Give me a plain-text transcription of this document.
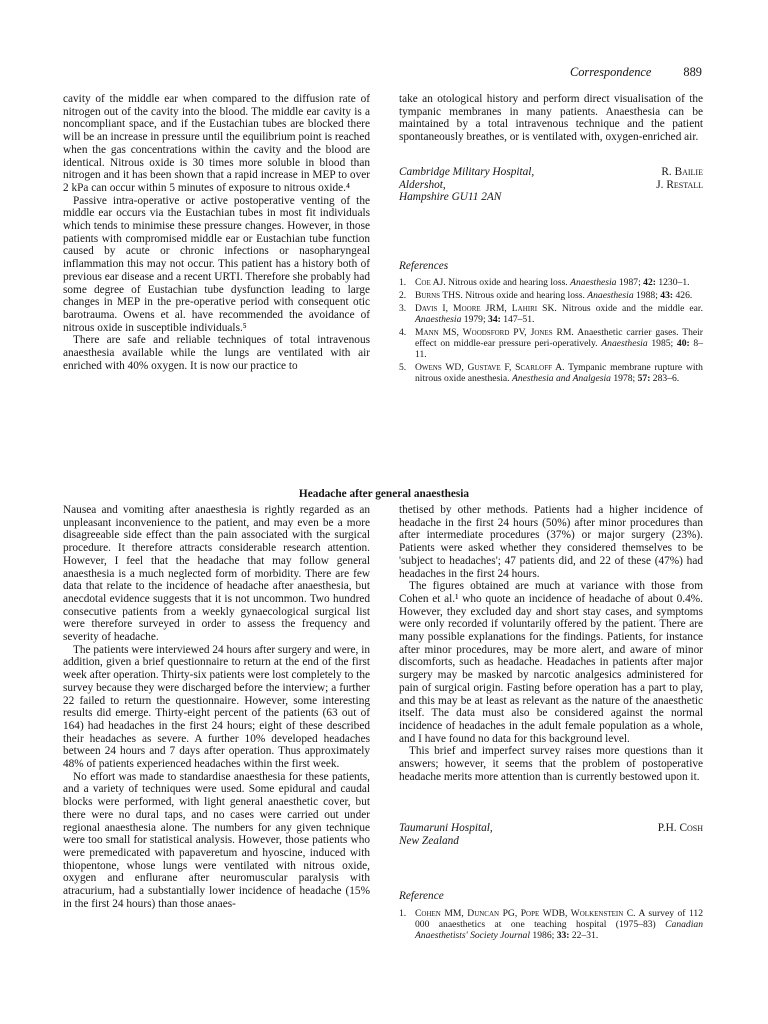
Correspondence	889

cavity of the middle ear when compared to the diffusion rate of nitrogen out of the cavity into the blood. The middle ear cavity is a noncompliant space, and if the Eustachian tubes are blocked there will be an increase in pressure until the equilibrium point is reached when the gas concentrations within the cavity and the blood are identical. Nitrous oxide is 30 times more soluble in blood than nitrogen and it has been shown that a rapid increase in MEP to over 2 kPa can occur within 5 minutes of exposure to nitrous oxide.⁴

Passive intra-operative or active postoperative venting of the middle ear occurs via the Eustachian tubes in most fit individuals which tends to minimise these pressure changes. However, in those patients with compromised middle ear or Eustachian tube function caused by acute or chronic infections or nasopharyngeal inflammation this may not occur. This patient has a history both of previous ear disease and a recent URTI. Therefore she probably had some degree of Eustachian tube dysfunction leading to large changes in MEP in the pre-operative period with consequent otic barotrauma. Owens et al. have recommended the avoidance of nitrous oxide in susceptible individuals.⁵

There are safe and reliable techniques of total intravenous anaesthesia available while the lungs are ventilated with air enriched with 40% oxygen. It is now our practice to

take an otological history and perform direct visualisation of the tympanic membranes in many patients. Anaesthesia can be maintained by a total intravenous technique and the patient spontaneously breathes, or is ventilated with, oxygen-enriched air.

Cambridge Military Hospital,
Aldershot,
Hampshire GU11 2AN
R. Bailie
J. Restall
References
1. Coe AJ. Nitrous oxide and hearing loss. Anaesthesia 1987; 42: 1230–1.
2. Burns THS. Nitrous oxide and hearing loss. Anaesthesia 1988; 43: 426.
3. Davis I, Moore JRM, Lahiri SK. Nitrous oxide and the middle ear. Anaesthesia 1979; 34: 147–51.
4. Mann MS, Woodsford PV, Jones RM. Anaesthetic carrier gases. Their effect on middle-ear pressure peri-operatively. Anaesthesia 1985; 40: 8–11.
5. Owens WD, Gustave F, Scarloff A. Tympanic membrane rupture with nitrous oxide anesthesia. Anesthesia and Analgesia 1978; 57: 283–6.
Headache after general anaesthesia

Nausea and vomiting after anaesthesia is rightly regarded as an unpleasant inconvenience to the patient, and may even be a more disagreeable side effect than the pain associated with the surgical procedure. It therefore attracts considerable research attention. However, I feel that the headache that may follow general anaesthesia is a much neglected form of morbidity. There are few data that relate to the incidence of headache after anaesthesia, but anecdotal evidence suggests that it is not uncommon. Two hundred consecutive patients from a weekly gynaecological surgical list were therefore surveyed in order to assess the frequency and severity of headache.

The patients were interviewed 24 hours after surgery and were, in addition, given a brief questionnaire to return at the end of the first week after operation. Thirty-six patients were lost completely to the survey because they were discharged before the interview; a further 22 failed to return the questionnaire. However, some interesting results did emerge. Thirty-eight percent of the patients (63 out of 164) had headaches in the first 24 hours; eight of these described their headaches as severe. A further 10% developed headaches between 24 hours and 7 days after operation. Thus approximately 48% of patients experienced headaches within the first week.

No effort was made to standardise anaesthesia for these patients, and a variety of techniques were used. Some epidural and caudal blocks were performed, with light general anaesthetic cover, but there were no dural taps, and no cases were carried out under regional anaesthesia alone. The numbers for any given technique were too small for statistical analysis. However, those patients who were premedicated with papaveretum and hyoscine, induced with thiopentone, whose lungs were ventilated with nitrous oxide, oxygen and enflurane after neuromuscular paralysis with atracurium, had a substantially lower incidence of headache (15% in the first 24 hours) than those anaes-

thetised by other methods. Patients had a higher incidence of headache in the first 24 hours (50%) after minor procedures than after intermediate procedures (37%) or major surgery (23%). Patients were asked whether they considered themselves to be 'subject to headaches'; 47 patients did, and 22 of these (47%) had headaches in the first 24 hours.

The figures obtained are much at variance with those from Cohen et al.¹ who quote an incidence of headache of about 0.4%. However, they excluded day and short stay cases, and symptoms were only recorded if voluntarily offered by the patient. There are many possible explanations for the findings. Patients, for instance after minor procedures, may be more alert, and aware of minor discomforts, such as headache. Headaches in patients after major surgery may be masked by narcotic analgesics administered for pain of surgical origin. Fasting before operation has a part to play, and this may be at least as relevant as the nature of the anaesthetic itself. The data must also be considered against the normal incidence of headaches in the adult female population as a whole, and I have found no data for this background level.

This brief and imperfect survey raises more questions than it answers; however, it seems that the problem of postoperative headache merits more attention than is currently bestowed upon it.

Taumaruni Hospital,
New Zealand
P.H. Cosh
Reference
1. Cohen MM, Duncan PG, Pope WDB, Wolkenstein C. A survey of 112 000 anaesthetics at one teaching hospital (1975–83) Canadian Anaesthetists' Society Journal 1986; 33: 22–31.
